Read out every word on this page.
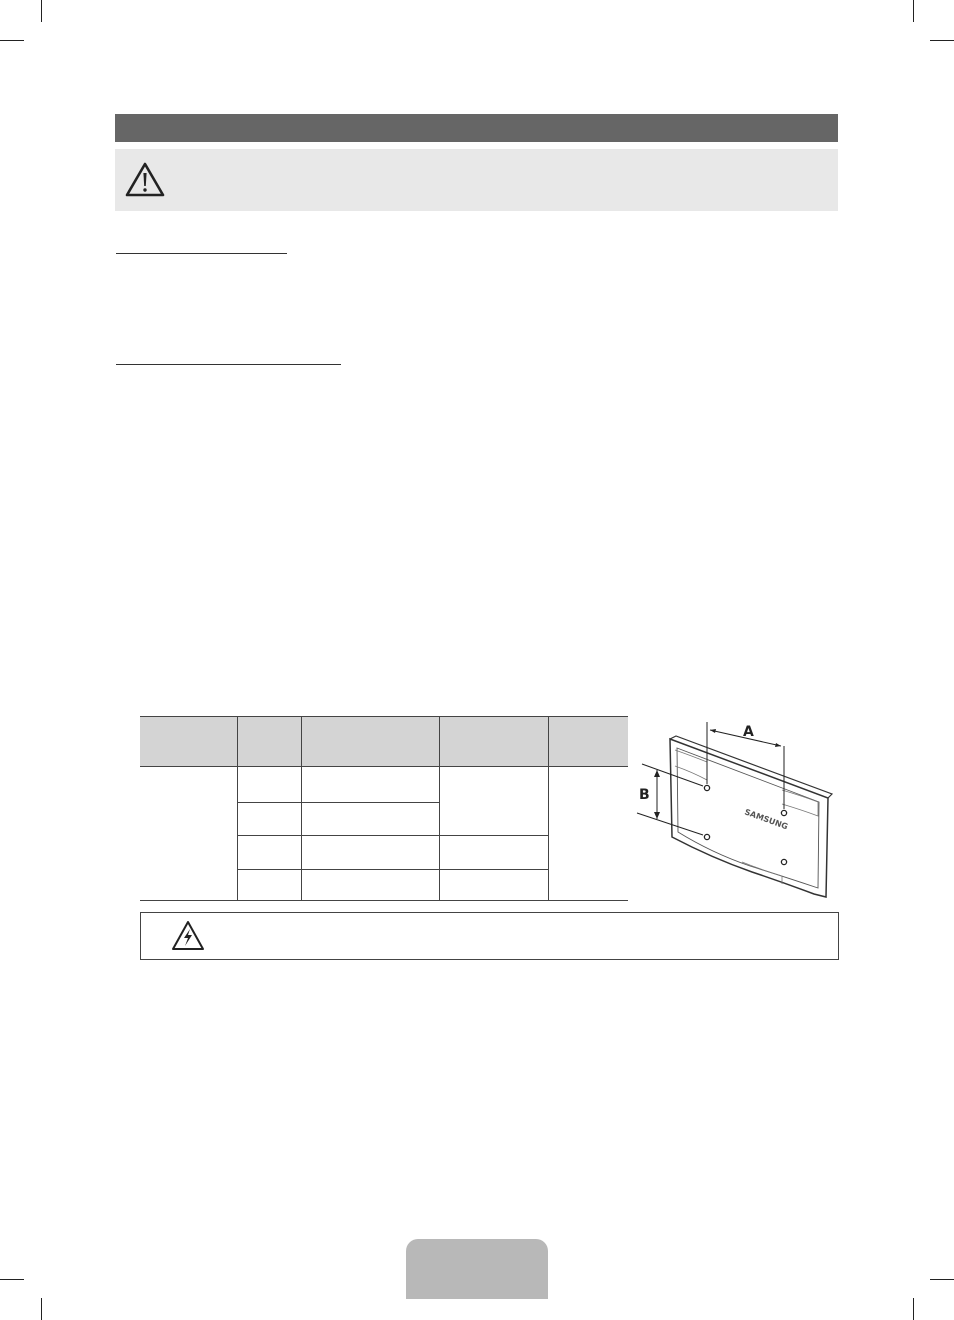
SAMSUNG
A
B
